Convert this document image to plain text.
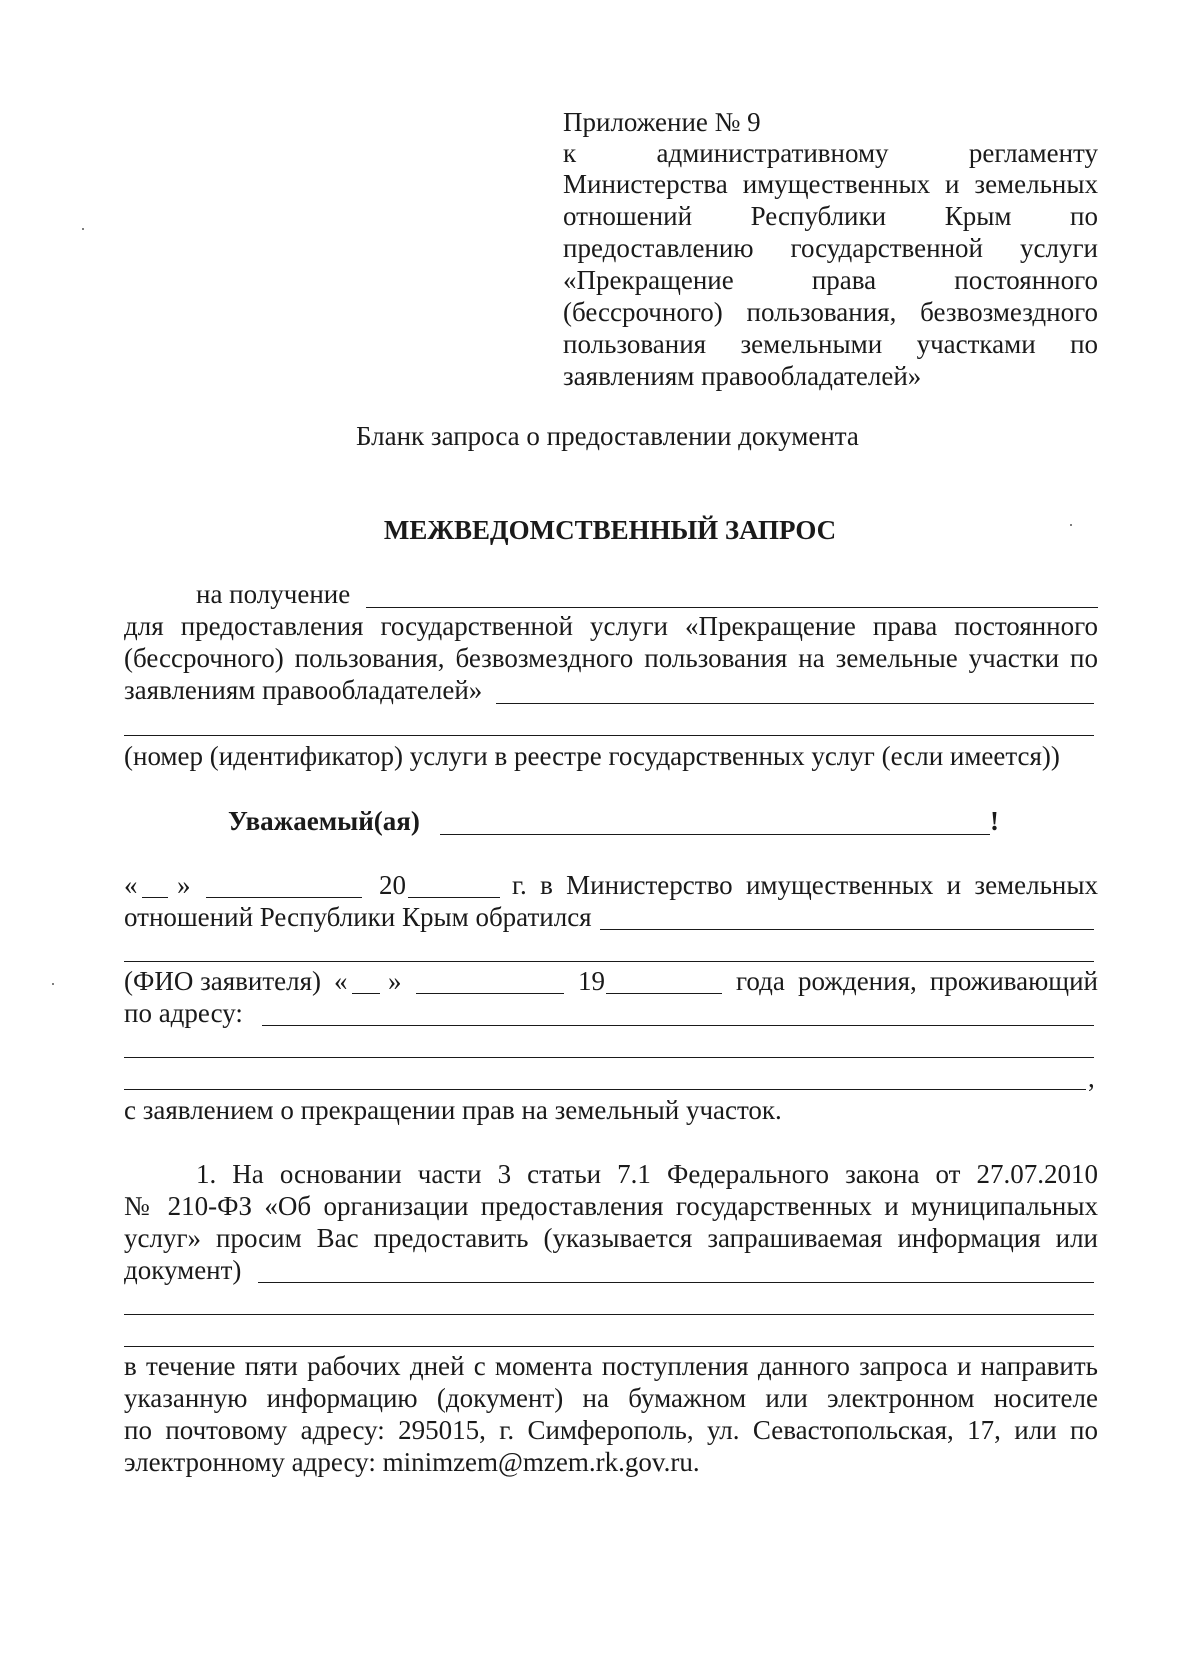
Приложение № 9
к	административному	регламенту
Министерства имущественных и земельных
отношений Республики Крым по
предоставлению государственной услуги
«Прекращение	права	постоянного
(бессрочного) пользования, безвозмездного
пользования земельными участками по
заявлениям правообладателей»
Бланк запроса о предоставлении документа
МЕЖВЕДОМСТВЕННЫЙ ЗАПРОС
на получение
для предоставления государственной услуги «Прекращение права постоянного
(бессрочного) пользования, безвозмездного пользования на земельные участки по
заявлениям правообладателей»
(номер (идентификатор) услуги в реестре государственных услуг (если имеется))
Уважаемый(ая)	!
« »	20	г. в Министерство имущественных и земельных
отношений Республики Крым обратился
(ФИО заявителя) « »	19	года рождения, проживающий
по адресу:
,
с заявлением о прекращении прав на земельный участок.
1. На основании части 3 статьи 7.1 Федерального закона от 27.07.2010
№ 210-ФЗ «Об организации предоставления государственных и муниципальных
услуг» просим Вас предоставить (указывается запрашиваемая информация или
документ)
в течение пяти рабочих дней с момента поступления данного запроса и направить
указанную информацию (документ) на бумажном или электронном носителе
по почтовому адресу: 295015, г. Симферополь, ул. Севастопольская, 17, или по
электронному адресу: minimzem@mzem.rk.gov.ru.
